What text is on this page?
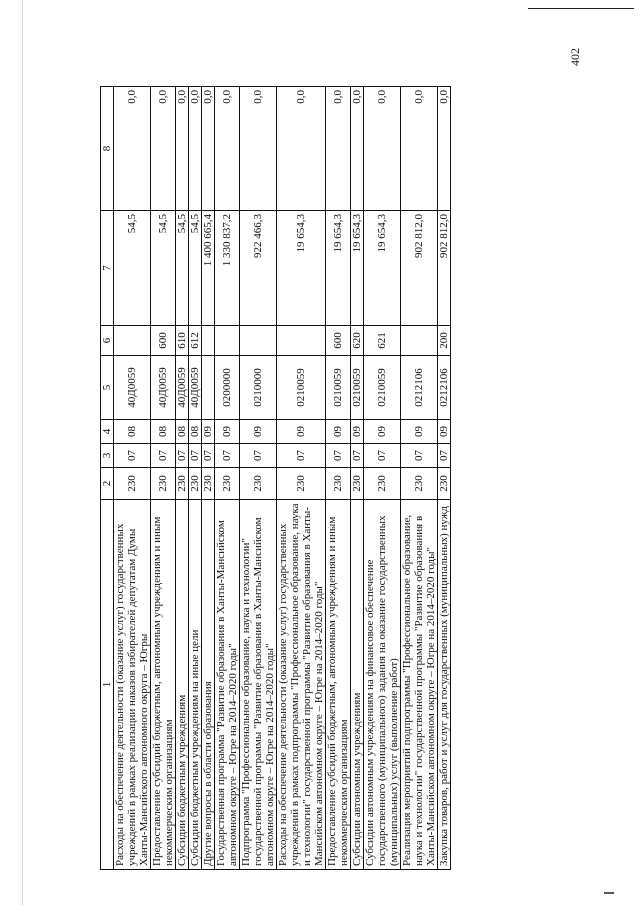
402
1	2	3	4	5	6	7	8
Расходы на обеспечение деятельности (оказание услуг) государственных учреждений в рамках реализации наказов избирателей депутатам Думы Ханты-Мансийского автономного округа – Югры	230	07	08	40Д0059		54,5	0,0
Предоставление субсидий бюджетным, автономным учреждениям и иным некоммерческим организациям	230	07	08	40Д0059	600	54,5	0,0
Субсидии бюджетным учреждениям	230	07	08	40Д0059	610	54,5	0,0
Субсидии бюджетным учреждениям на иные цели	230	07	08	40Д0059	612	54,5	0,0
Другие вопросы в области образования	230	07	09			1 400 665,4	0,0
Государственная программа "Развитие образования в Ханты-Мансийском автономном округе – Югре на 2014–2020 годы"	230	07	09	0200000		1 330 837,2	0,0
Подпрограмма "Профессиональное образование, наука и технологии" государственной программы "Развитие образования в Ханты-Мансийском автономном округе – Югре на 2014–2020 годы"	230	07	09	0210000		922 466,3	0,0
Расходы на обеспечение деятельности (оказание услуг) государственных учреждений в рамках подпрограммы "Профессиональное образование, наука и технологии" государственной программы "Развитие образования в Ханты-Мансийском автономном округе – Югре на 2014–2020 годы"	230	07	09	0210059		19 654,3	0,0
Предоставление субсидий бюджетным, автономным учреждениям и иным некоммерческим организациям	230	07	09	0210059	600	19 654,3	0,0
Субсидии автономным учреждениям	230	07	09	0210059	620	19 654,3	0,0
Субсидии автономным учреждениям на финансовое обеспечение государственного (муниципального) задания на оказание государственных (муниципальных) услуг (выполнение работ)	230	07	09	0210059	621	19 654,3	0,0
Реализация мероприятий подпрограммы "Профессиональное образование, наука и технологии" государственной программы "Развитие образования в Ханты-Мансийском автономном округе – Югре на 2014–2020 годы"	230	07	09	0212106		902 812,0	0,0
Закупка товаров, работ и услуг для государственных (муниципальных) нужд	230	07	09	0212106	200	902 812,0	0,0
